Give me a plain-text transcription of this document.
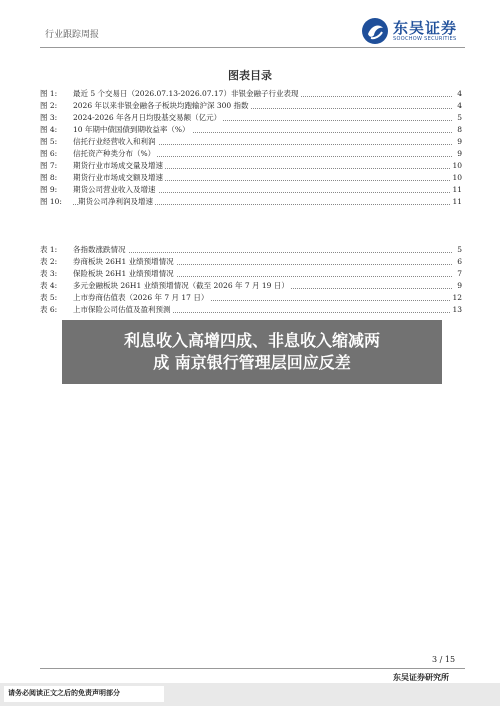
行业跟踪周报	东吴证券
SOOCHOW SECURITIES
图表目录
图 1: 最近 5 个交易日（2026.07.13-2026.07.17）非银金融子行业表现	4
图 2: 2026 年以来非银金融各子板块均跑输沪深 300 指数	4
图 3: 2024-2026 年各月日均股基交易额（亿元）	5
图 4: 10 年期中债国债到期收益率（%）	8
图 5: 信托行业经营收入和利润	9
图 6: 信托资产种类分布（%）	9
图 7: 期货行业市场成交量及增速	10
图 8: 期货行业市场成交额及增速	10
图 9: 期货公司营业收入及增速	11
图 10: 期货公司净利润及增速	11
表 1: 各指数涨跌情况	5
表 2: 券商板块 26H1 业绩预增情况	6
表 3: 保险板块 26H1 业绩预增情况	7
表 4: 多元金融板块 26H1 业绩预增情况（截至 2026 年 7 月 19 日）	9
表 5: 上市券商估值表（2026 年 7 月 17 日）	12
表 6: 上市保险公司估值及盈利预测	13
利息收入高增四成、非息收入缩减两
成 南京银行管理层回应反差
3 / 15
东吴证券研究所
请务必阅读正文之后的免责声明部分
